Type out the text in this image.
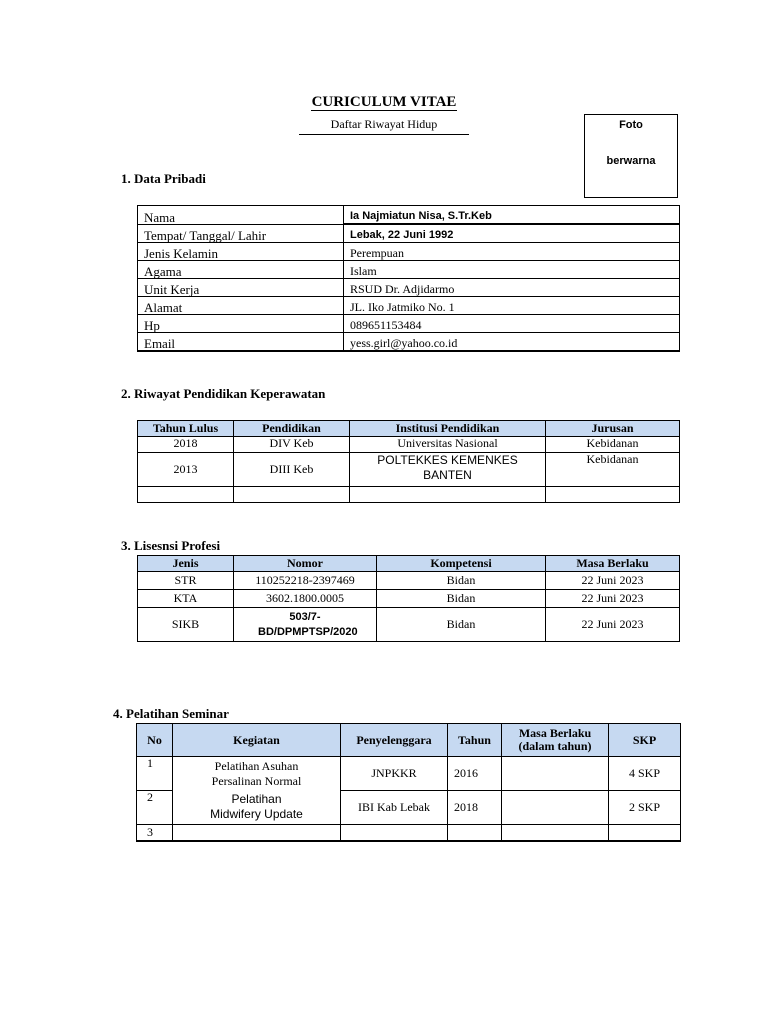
CURICULUM VITAE
Daftar Riwayat Hidup	Foto
berwarna
1. Data Pribadi
Nama	Ia Najmiatun Nisa, S.Tr.Keb
Tempat/ Tanggal/ Lahir	Lebak, 22 Juni 1992
Jenis Kelamin	Perempuan
Agama	Islam
Unit Kerja	RSUD Dr. Adjidarmo
Alamat	JL. Iko Jatmiko No. 1
Hp	089651153484
Email	yess.girl@yahoo.co.id
2. Riwayat Pendidikan Keperawatan
Tahun Lulus	Pendidikan	Institusi Pendidikan	Jurusan
2018	DIV Keb	Universitas Nasional	Kebidanan
2013	DIII Keb	POLTEKKES KEMENKES BANTEN	Kebidanan

3. Lisesnsi Profesi
Jenis	Nomor	Kompetensi	Masa Berlaku
STR	110252218-2397469	Bidan	22 Juni 2023
KTA	3602.1800.0005	Bidan	22 Juni 2023
SIKB	503/7-BD/DPMPTSP/2020	Bidan	22 Juni 2023
4. Pelatihan Seminar
No	Kegiatan	Penyelenggara	Tahun	Masa Berlaku (dalam tahun)	SKP
1	Pelatihan Asuhan Persalinan Normal	JNPKKR	2016		4 SKP
2	Pelatihan Midwifery Update	IBI Kab Lebak	2018		2 SKP
3					
